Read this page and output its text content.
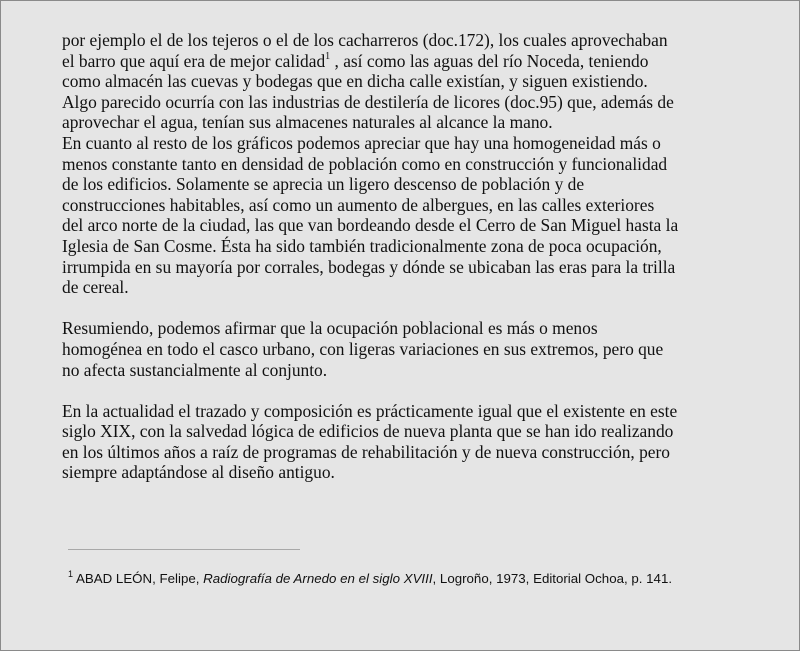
por ejemplo el de los tejeros o el de los cacharreros (doc.172), los cuales aprovechaban

el barro que aquí era de mejor calidad$^1$ , así como las aguas del río Noceda, teniendo

como almacén las cuevas y bodegas que en dicha calle existían, y siguen existiendo.

Algo parecido ocurría con las industrias de destilería de licores (doc.95) que, además de

aprovechar el agua, tenían sus almacenes naturales al alcance la mano.

En cuanto al resto de los gráficos podemos apreciar que hay una homogeneidad más o

menos constante tanto en densidad de población como en construcción y funcionalidad

de los edificios. Solamente se aprecia un ligero descenso de población y de

construcciones habitables, así como un aumento de albergues, en las calles exteriores

del arco norte de la ciudad, las que van bordeando desde el Cerro de San Miguel hasta la

Iglesia de San Cosme. Ésta ha sido también tradicionalmente zona de poca ocupación,

irrumpida en su mayoría por corrales, bodegas y dónde se ubicaban las eras para la trilla

de cereal.

Resumiendo, podemos afirmar que la ocupación poblacional es más o menos

homogénea en todo el casco urbano, con ligeras variaciones en sus extremos, pero que

no afecta sustancialmente al conjunto.

En la actualidad el trazado y composición es prácticamente igual que el existente en este

siglo XIX, con la salvedad lógica de edificios de nueva planta que se han ido realizando

en los últimos años a raíz de programas de rehabilitación y de nueva construcción, pero

siempre adaptándose al diseño antiguo.

$^1$ ABAD LEÓN, Felipe, Radiografía de Arnedo en el siglo XVIII, Logroño, 1973, Editorial Ochoa, p. 141.
